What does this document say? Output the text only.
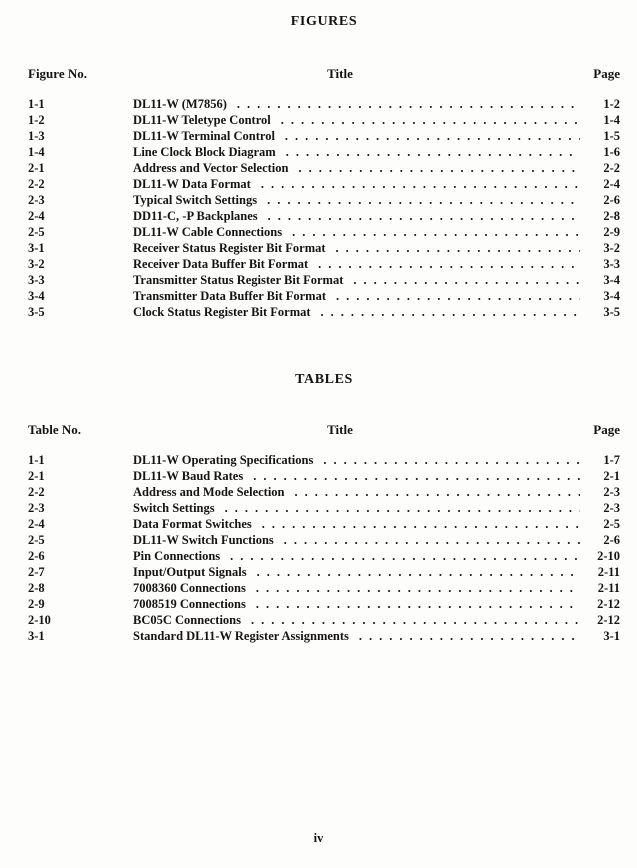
FIGURES
Figure No.	Title	Page
1-1	DL11-W (M7856) .....	1-2
1-2	DL11-W Teletype Control .....	1-4
1-3	DL11-W Terminal Control .....	1-5
1-4	Line Clock Block Diagram .....	1-6
2-1	Address and Vector Selection .....	2-2
2-2	DL11-W Data Format .....	2-4
2-3	Typical Switch Settings .....	2-6
2-4	DD11-C, -P Backplanes .....	2-8
2-5	DL11-W Cable Connections .....	2-9
3-1	Receiver Status Register Bit Format .....	3-2
3-2	Receiver Data Buffer Bit Format .....	3-3
3-3	Transmitter Status Register Bit Format .....	3-4
3-4	Transmitter Data Buffer Bit Format .....	3-4
3-5	Clock Status Register Bit Format .....	3-5
TABLES
Table No.	Title	Page
1-1	DL11-W Operating Specifications .....	1-7
2-1	DL11-W Baud Rates .....	2-1
2-2	Address and Mode Selection .....	2-3
2-3	Switch Settings .....	2-3
2-4	Data Format Switches .....	2-5
2-5	DL11-W Switch Functions .....	2-6
2-6	Pin Connections .....	2-10
2-7	Input/Output Signals .....	2-11
2-8	7008360 Connections .....	2-11
2-9	7008519 Connections .....	2-12
2-10	BC05C Connections .....	2-12
3-1	Standard DL11-W Register Assignments .....	3-1
iv
